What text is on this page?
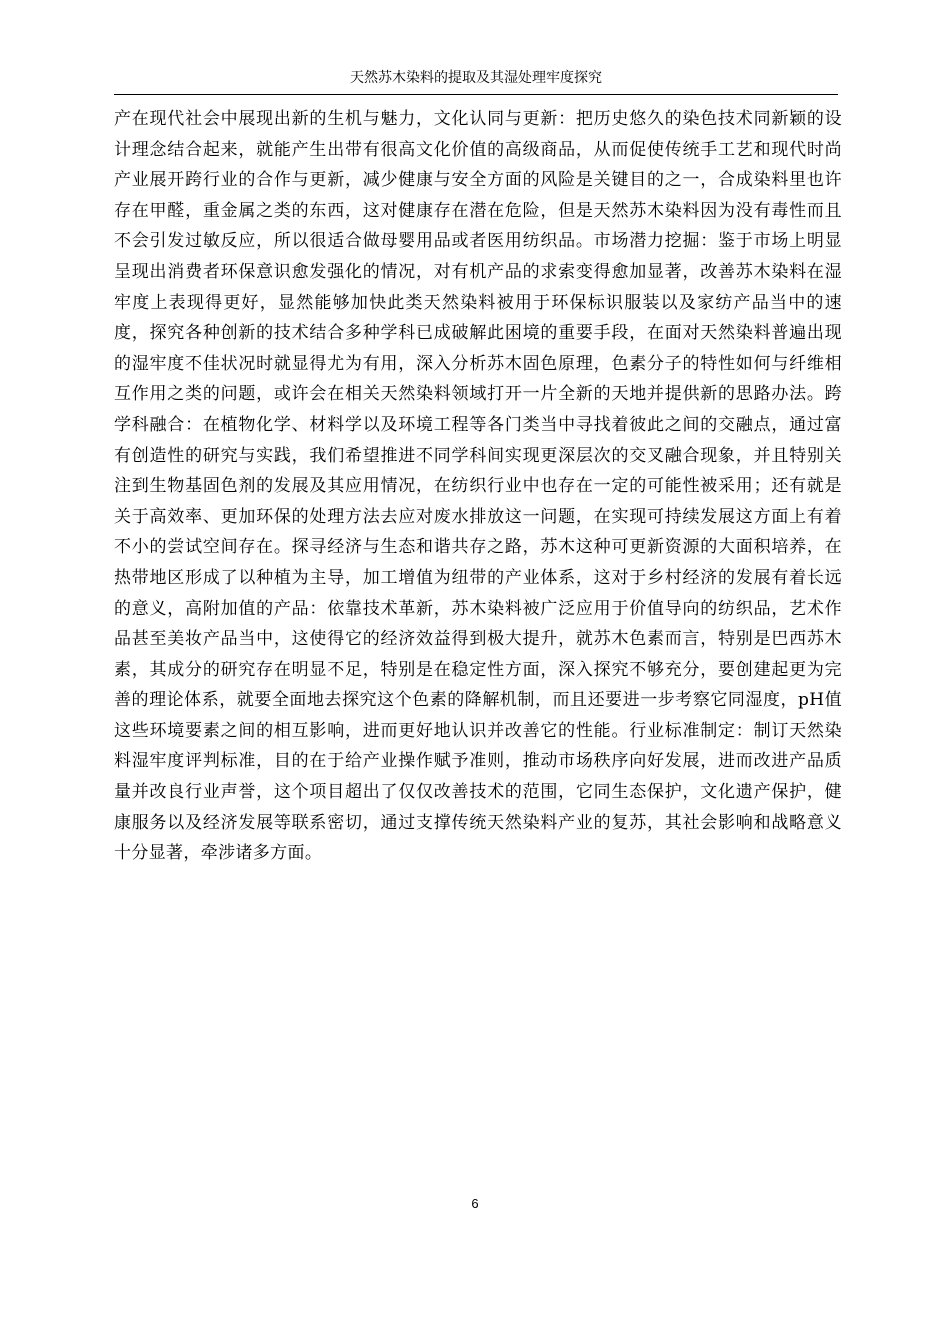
天然苏木染料的提取及其湿处理牢度探究

产在现代社会中展现出新的生机与魅力，文化认同与更新：把历史悠久的染色技术同新颖的设计理念结合起来，就能产生出带有很高文化价值的高级商品，从而促使传统手工艺和现代时尚产业展开跨行业的合作与更新，减少健康与安全方面的风险是关键目的之一，合成染料里也许存在甲醛，重金属之类的东西，这对健康存在潜在危险，但是天然苏木染料因为没有毒性而且不会引发过敏反应，所以很适合做母婴用品或者医用纺织品。市场潜力挖掘：鉴于市场上明显呈现出消费者环保意识愈发强化的情况，对有机产品的求索变得愈加显著，改善苏木染料在湿牢度上表现得更好，显然能够加快此类天然染料被用于环保标识服装以及家纺产品当中的速度，探究各种创新的技术结合多种学科已成破解此困境的重要手段，在面对天然染料普遍出现的湿牢度不佳状况时就显得尤为有用，深入分析苏木固色原理，色素分子的特性如何与纤维相互作用之类的问题，或许会在相关天然染料领域打开一片全新的天地并提供新的思路办法。跨学科融合：在植物化学、材料学以及环境工程等各门类当中寻找着彼此之间的交融点，通过富有创造性的研究与实践，我们希望推进不同学科间实现更深层次的交叉融合现象，并且特别关注到生物基固色剂的发展及其应用情况，在纺织行业中也存在一定的可能性被采用；还有就是关于高效率、更加环保的处理方法去应对废水排放这一问题，在实现可持续发展这方面上有着不小的尝试空间存在。探寻经济与生态和谐共存之路，苏木这种可更新资源的大面积培养，在热带地区形成了以种植为主导，加工增值为纽带的产业体系，这对于乡村经济的发展有着长远的意义，高附加值的产品：依靠技术革新，苏木染料被广泛应用于价值导向的纺织品，艺术作品甚至美妆产品当中，这使得它的经济效益得到极大提升，就苏木色素而言，特别是巴西苏木素，其成分的研究存在明显不足，特别是在稳定性方面，深入探究不够充分，要创建起更为完善的理论体系，就要全面地去探究这个色素的降解机制，而且还要进一步考察它同湿度，pH值这些环境要素之间的相互影响，进而更好地认识并改善它的性能。行业标准制定：制订天然染料湿牢度评判标准，目的在于给产业操作赋予准则，推动市场秩序向好发展，进而改进产品质量并改良行业声誉，这个项目超出了仅仅改善技术的范围，它同生态保护，文化遗产保护，健康服务以及经济发展等联系密切，通过支撑传统天然染料产业的复苏，其社会影响和战略意义十分显著，牵涉诸多方面。

6
